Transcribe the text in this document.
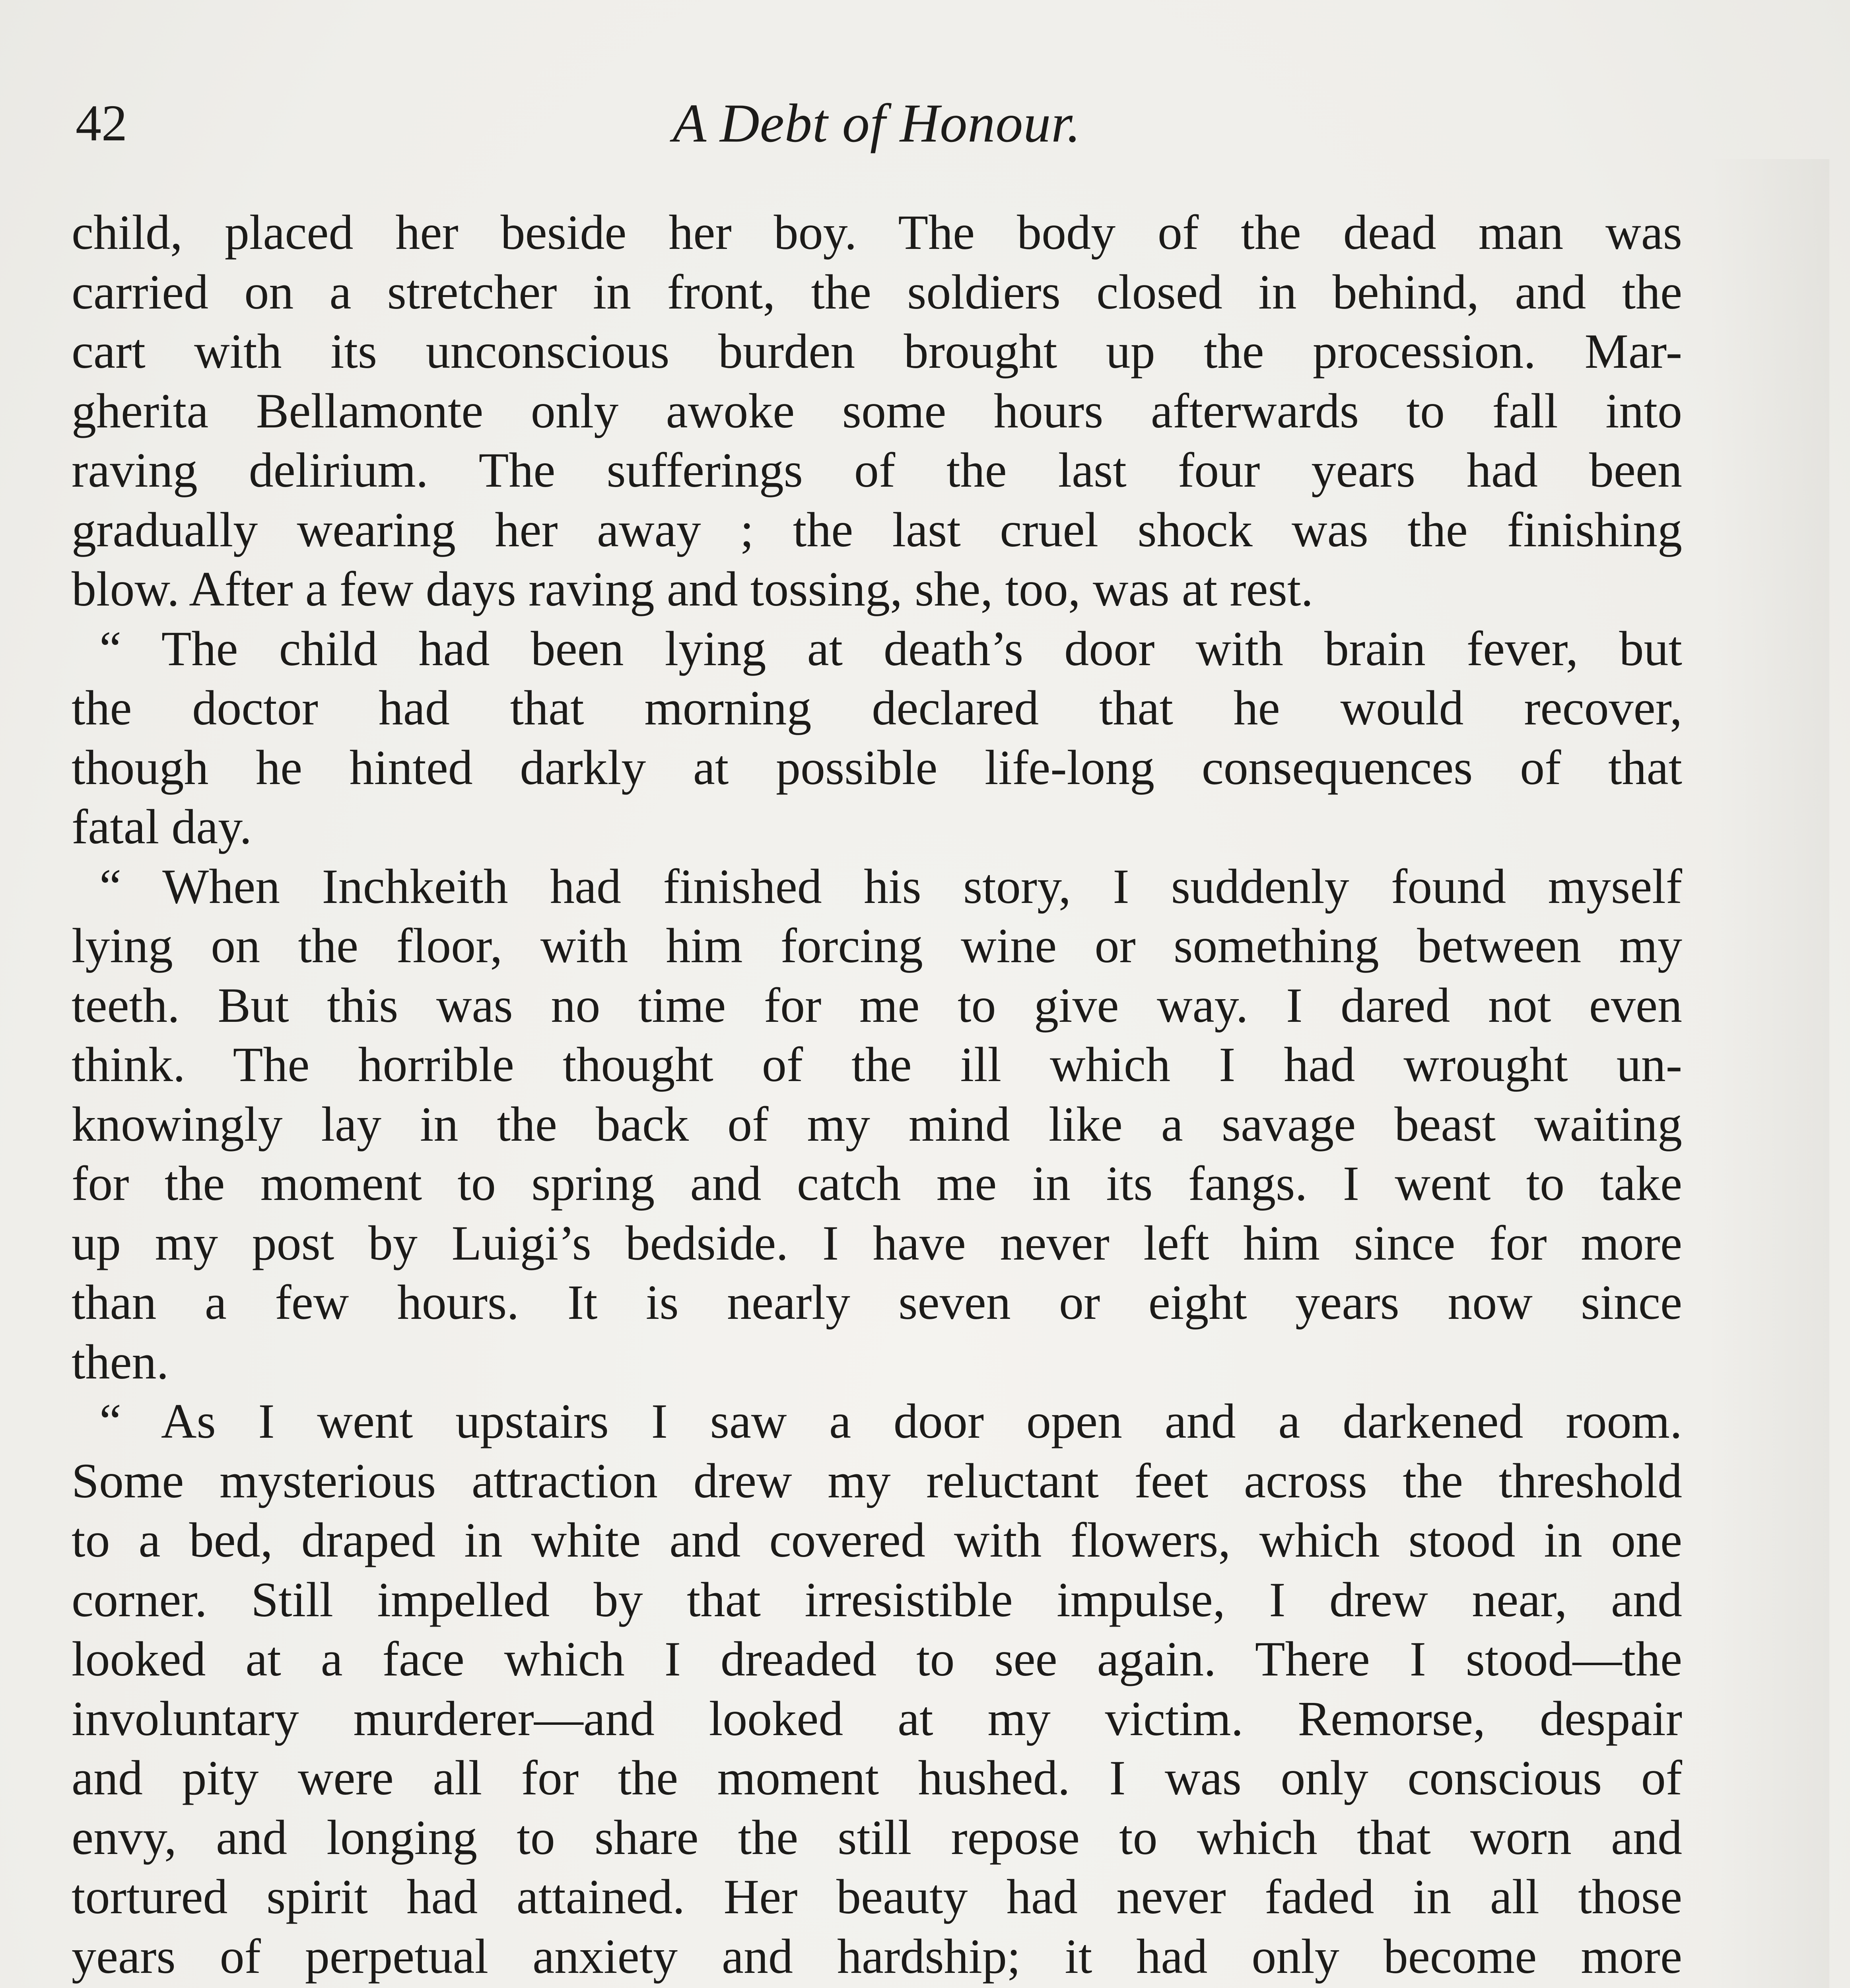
42	A Debt of Honour.
child, placed her beside her boy. The body of the dead man was
carried on a stretcher in front, the soldiers closed in behind, and the
cart with its unconscious burden brought up the procession. Mar-
gherita Bellamonte only awoke some hours afterwards to fall into
raving delirium. The sufferings of the last four years had been
gradually wearing her away ; the last cruel shock was the finishing
blow. After a few days raving and tossing, she, too, was at rest.
“ The child had been lying at death’s door with brain fever, but
the doctor had that morning declared that he would recover,
though he hinted darkly at possible life-long consequences of that
fatal day.
“ When Inchkeith had finished his story, I suddenly found myself
lying on the floor, with him forcing wine or something between my
teeth. But this was no time for me to give way. I dared not even
think. The horrible thought of the ill which I had wrought un-
knowingly lay in the back of my mind like a savage beast waiting
for the moment to spring and catch me in its fangs. I went to take
up my post by Luigi’s bedside. I have never left him since for more
than a few hours. It is nearly seven or eight years now since
then.
“ As I went upstairs I saw a door open and a darkened room.
Some mysterious attraction drew my reluctant feet across the threshold
to a bed, draped in white and covered with flowers, which stood in one
corner. Still impelled by that irresistible impulse, I drew near, and
looked at a face which I dreaded to see again. There I stood—the
involuntary murderer—and looked at my victim. Remorse, despair
and pity were all for the moment hushed. I was only conscious of
envy, and longing to share the still repose to which that worn and
tortured spirit had attained. Her beauty had never faded in all those
years of perpetual anxiety and hardship; it had only become more
